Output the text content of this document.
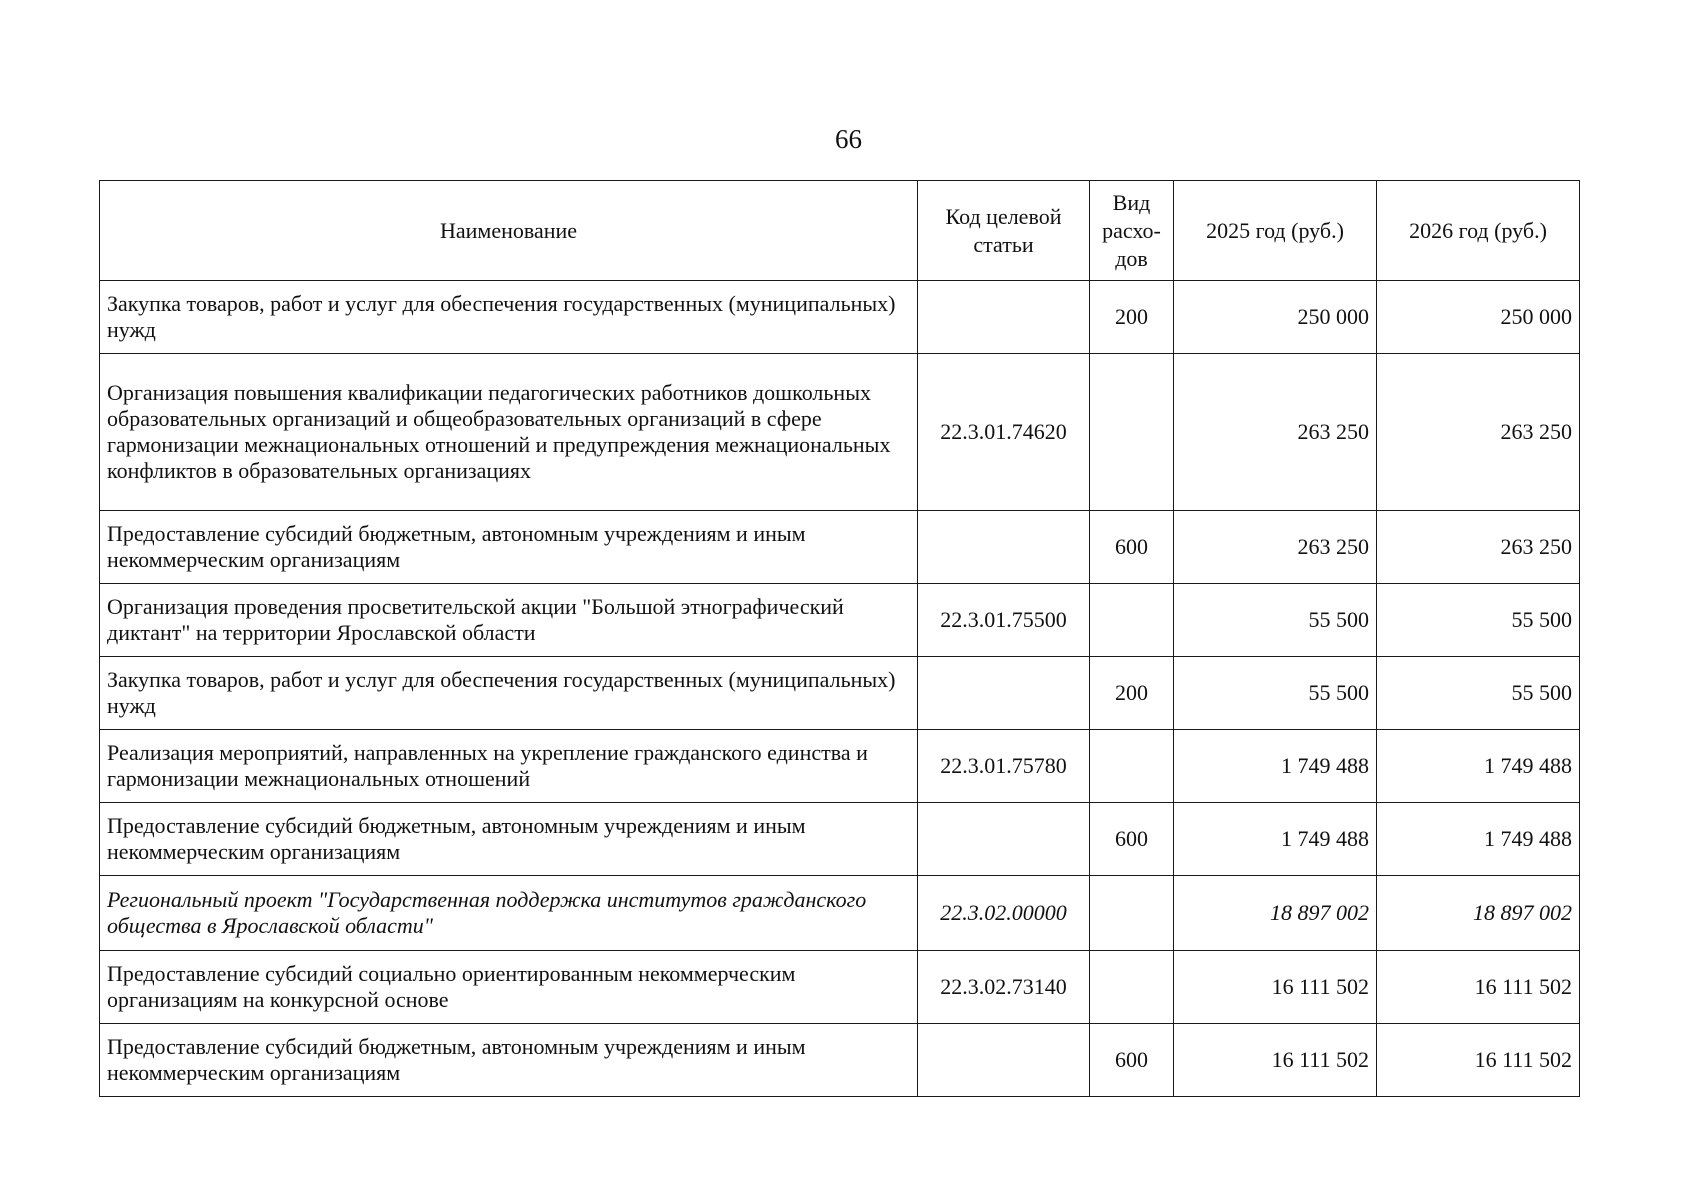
66
Наименование	Код целевой статьи	Вид расхо-дов	2025 год (руб.)	2026 год (руб.)
Закупка товаров, работ и услуг для обеспечения государственных (муниципальных) нужд		200	250 000	250 000
Организация повышения квалификации педагогических работников дошкольных образовательных организаций и общеобразовательных организаций в сфере гармонизации межнациональных отношений и предупреждения межнациональных конфликтов в образовательных организациях	22.3.01.74620		263 250	263 250
Предоставление субсидий бюджетным, автономным учреждениям и иным некоммерческим организациям		600	263 250	263 250
Организация проведения просветительской акции "Большой этнографический диктант" на территории Ярославской области	22.3.01.75500		55 500	55 500
Закупка товаров, работ и услуг для обеспечения государственных (муниципальных) нужд		200	55 500	55 500
Реализация мероприятий, направленных на укрепление гражданского единства и гармонизации межнациональных отношений	22.3.01.75780		1 749 488	1 749 488
Предоставление субсидий бюджетным, автономным учреждениям и иным некоммерческим организациям		600	1 749 488	1 749 488
Региональный проект "Государственная поддержка институтов гражданского общества в Ярославской области"	22.3.02.00000		18 897 002	18 897 002
Предоставление субсидий социально ориентированным некоммерческим организациям на конкурсной основе	22.3.02.73140		16 111 502	16 111 502
Предоставление субсидий бюджетным, автономным учреждениям и иным некоммерческим организациям		600	16 111 502	16 111 502
